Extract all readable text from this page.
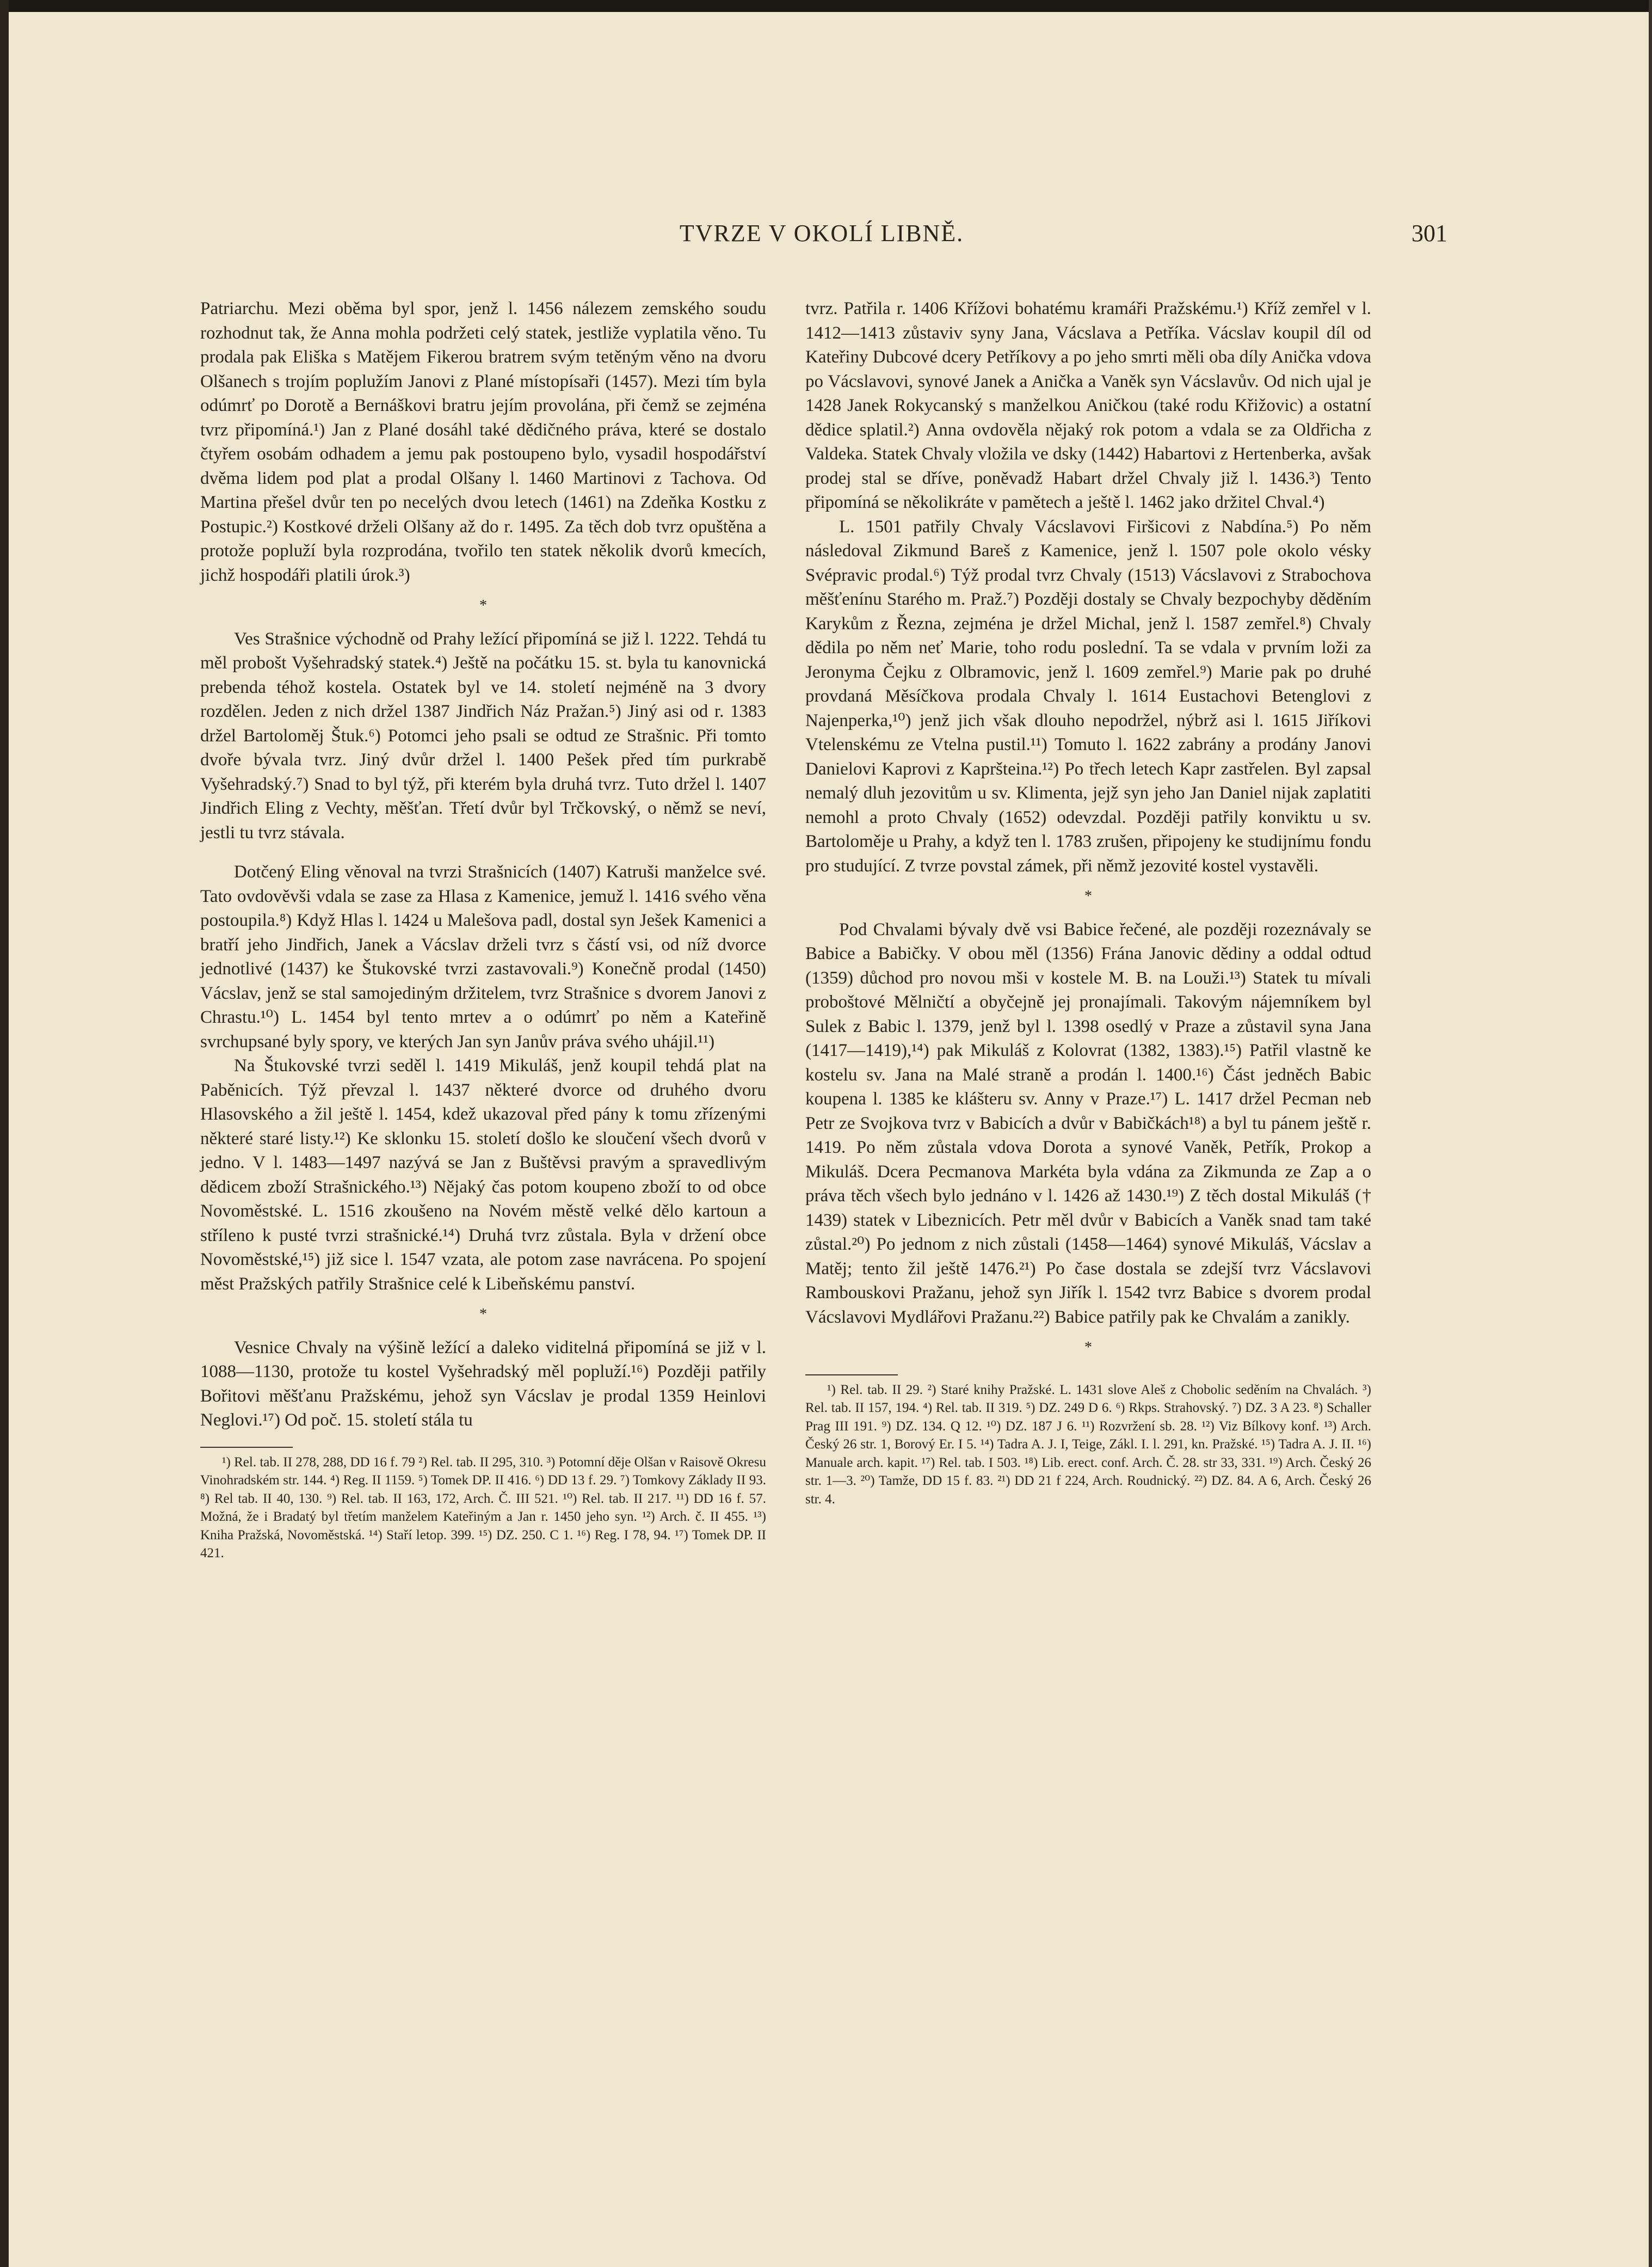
TVRZE V OKOLÍ LIBNĚ.	301

Patriarchu. Mezi oběma byl spor, jenž l. 1456 nálezem zemského soudu rozhodnut tak, že Anna mohla podržeti celý statek, jestliže vyplatila věno. Tu prodala pak Eliška s Matějem Fikerou bratrem svým tetěným věno na dvoru Olšanech s trojím poplužím Janovi z Plané místopísaři (1457). Mezi tím byla odúmrť po Dorotě a Bernáškovi bratru jejím provolána, při čemž se zejména tvrz připomíná.¹) Jan z Plané dosáhl také dědičného práva, které se dostalo čtyřem osobám odhadem a jemu pak postoupeno bylo, vysadil hospodářství dvěma lidem pod plat a prodal Olšany l. 1460 Martinovi z Tachova. Od Martina přešel dvůr ten po necelých dvou letech (1461) na Zdeňka Kostku z Postupic.²) Kostkové drželi Olšany až do r. 1495. Za těch dob tvrz opuštěna a protože popluží byla rozprodána, tvořilo ten statek několik dvorů kmecích, jichž hospodáři platili úrok.³)

*

Ves Strašnice východně od Prahy ležící připomíná se již l. 1222. Tehdá tu měl probošt Vyšehradský statek.⁴) Ještě na počátku 15. st. byla tu kanovnická prebenda téhož kostela. Ostatek byl ve 14. století nejméně na 3 dvory rozdělen. Jeden z nich držel 1387 Jindřich Náz Pražan.⁵) Jiný asi od r. 1383 držel Bartoloměj Štuk.⁶) Potomci jeho psali se odtud ze Strašnic. Při tomto dvoře bývala tvrz. Jiný dvůr držel l. 1400 Pešek před tím purkrabě Vyšehradský.⁷) Snad to byl týž, při kterém byla druhá tvrz. Tuto držel l. 1407 Jindřich Eling z Vechty, měšťan. Třetí dvůr byl Trčkovský, o němž se neví, jestli tu tvrz stávala.

Dotčený Eling věnoval na tvrzi Strašnicích (1407) Katruši manželce své. Tato ovdověvši vdala se zase za Hlasa z Kamenice, jemuž l. 1416 svého věna postoupila.⁸) Když Hlas l. 1424 u Malešova padl, dostal syn Ješek Kamenici a bratří jeho Jindřich, Janek a Vácslav drželi tvrz s částí vsi, od níž dvorce jednotlivé (1437) ke Štukovské tvrzi zastavovali.⁹) Konečně prodal (1450) Vácslav, jenž se stal samojediným držitelem, tvrz Strašnice s dvorem Janovi z Chrastu.¹⁰) L. 1454 byl tento mrtev a o odúmrť po něm a Kateřině svrchupsané byly spory, ve kterých Jan syn Janův práva svého uhájil.¹¹)

Na Štukovské tvrzi seděl l. 1419 Mikuláš, jenž koupil tehdá plat na Paběnicích. Týž převzal l. 1437 některé dvorce od druhého dvoru Hlasovského a žil ještě l. 1454, kdež ukazoval před pány k tomu zřízenými některé staré listy.¹²) Ke sklonku 15. století došlo ke sloučení všech dvorů v jedno. V l. 1483—1497 nazývá se Jan z Buštěvsi pravým a spravedlivým dědicem zboží Strašnického.¹³) Nějaký čas potom koupeno zboží to od obce Novoměstské. L. 1516 zkoušeno na Novém městě velké dělo kartoun a stříleno k pusté tvrzi strašnické.¹⁴) Druhá tvrz zůstala. Byla v držení obce Novoměstské,¹⁵) již sice l. 1547 vzata, ale potom zase navrácena. Po spojení měst Pražských patřily Strašnice celé k Libeňskému panství.

*

Vesnice Chvaly na výšině ležící a daleko viditelná připomíná se již v l. 1088—1130, protože tu kostel Vyšehradský měl popluží.¹⁶) Později patřily Bořitovi měšťanu Pražskému, jehož syn Vácslav je prodal 1359 Heinlovi Neglovi.¹⁷) Od poč. 15. století stála tu

¹) Rel. tab. II 278, 288, DD 16 f. 79 ²) Rel. tab. II 295, 310. ³) Potomní děje Olšan v Raisově Okresu Vinohradském str. 144. ⁴) Reg. II 1159. ⁵) Tomek DP. II 416. ⁶) DD 13 f. 29. ⁷) Tomkovy Základy II 93. ⁸) Rel tab. II 40, 130. ⁹) Rel. tab. II 163, 172, Arch. Č. III 521. ¹⁰) Rel. tab. II 217. ¹¹) DD 16 f. 57. Možná, že i Bradatý byl třetím manželem Kateřiným a Jan r. 1450 jeho syn. ¹²) Arch. č. II 455. ¹³) Kniha Pražská, Novoměstská. ¹⁴) Staří letop. 399. ¹⁵) DZ. 250. C 1. ¹⁶) Reg. I 78, 94. ¹⁷) Tomek DP. II 421.

tvrz. Patřila r. 1406 Křížovi bohatému kramáři Pražskému.¹) Kříž zemřel v l. 1412—1413 zůstaviv syny Jana, Vácslava a Petříka. Vácslav koupil díl od Kateřiny Dubcové dcery Petříkovy a po jeho smrti měli oba díly Anička vdova po Vácslavovi, synové Janek a Anička a Vaněk syn Vácslavův. Od nich ujal je 1428 Janek Rokycanský s manželkou Aničkou (také rodu Křižovic) a ostatní dědice splatil.²) Anna ovdověla nějaký rok potom a vdala se za Oldřicha z Valdeka. Statek Chvaly vložila ve dsky (1442) Habartovi z Hertenberka, avšak prodej stal se dříve, poněvadž Habart držel Chvaly již l. 1436.³) Tento připomíná se několikráte v pamětech a ještě l. 1462 jako držitel Chval.⁴)

L. 1501 patřily Chvaly Vácslavovi Firšicovi z Nabdína.⁵) Po něm následoval Zikmund Bareš z Kamenice, jenž l. 1507 pole okolo vésky Svépravic prodal.⁶) Týž prodal tvrz Chvaly (1513) Vácslavovi z Strabochova měšťenínu Starého m. Praž.⁷) Později dostaly se Chvaly bezpochyby děděním Karykům z Řezna, zejména je držel Michal, jenž l. 1587 zemřel.⁸) Chvaly dědila po něm neť Marie, toho rodu poslední. Ta se vdala v prvním loži za Jeronyma Čejku z Olbramovic, jenž l. 1609 zemřel.⁹) Marie pak po druhé provdaná Měsíčkova prodala Chvaly l. 1614 Eustachovi Betenglovi z Najenperka,¹⁰) jenž jich však dlouho nepodržel, nýbrž asi l. 1615 Jiříkovi Vtelenskému ze Vtelna pustil.¹¹) Tomuto l. 1622 zabrány a prodány Janovi Danielovi Kaprovi z Kapršteina.¹²) Po třech letech Kapr zastřelen. Byl zapsal nemalý dluh jezovitům u sv. Klimenta, jejž syn jeho Jan Daniel nijak zaplatiti nemohl a proto Chvaly (1652) odevzdal. Později patřily konviktu u sv. Bartoloměje u Prahy, a když ten l. 1783 zrušen, připojeny ke studijnímu fondu pro studující. Z tvrze povstal zámek, při němž jezovité kostel vystavěli.

*

Pod Chvalami bývaly dvě vsi Babice řečené, ale později rozeznávaly se Babice a Babičky. V obou měl (1356) Frána Janovic dědiny a oddal odtud (1359) důchod pro novou mši v kostele M. B. na Louži.¹³) Statek tu mívali proboštové Mělničtí a obyčejně jej pronajímali. Takovým nájemníkem byl Sulek z Babic l. 1379, jenž byl l. 1398 osedlý v Praze a zůstavil syna Jana (1417—1419),¹⁴) pak Mikuláš z Kolovrat (1382, 1383).¹⁵) Patřil vlastně ke kostelu sv. Jana na Malé straně a prodán l. 1400.¹⁶) Část jedněch Babic koupena l. 1385 ke klášteru sv. Anny v Praze.¹⁷) L. 1417 držel Pecman neb Petr ze Svojkova tvrz v Babicích a dvůr v Babičkách¹⁸) a byl tu pánem ještě r. 1419. Po něm zůstala vdova Dorota a synové Vaněk, Petřík, Prokop a Mikuláš. Dcera Pecmanova Markéta byla vdána za Zikmunda ze Zap a o práva těch všech bylo jednáno v l. 1426 až 1430.¹⁹) Z těch dostal Mikuláš († 1439) statek v Libeznicích. Petr měl dvůr v Babicích a Vaněk snad tam také zůstal.²⁰) Po jednom z nich zůstali (1458—1464) synové Mikuláš, Vácslav a Matěj; tento žil ještě 1476.²¹) Po čase dostala se zdejší tvrz Vácslavovi Rambouskovi Pražanu, jehož syn Jiřík l. 1542 tvrz Babice s dvorem prodal Vácslavovi Mydlářovi Pražanu.²²) Babice patřily pak ke Chvalám a zanikly.

*
¹) Rel. tab. II 29. ²) Staré knihy Pražské. L. 1431 slove Aleš z Chobolic seděním na Chvalách. ³) Rel. tab. II 157, 194. ⁴) Rel. tab. II 319. ⁵) DZ. 249 D 6. ⁶) Rkps. Strahovský. ⁷) DZ. 3 A 23. ⁸) Schaller Prag III 191. ⁹) DZ. 134. Q 12. ¹⁰) DZ. 187 J 6. ¹¹) Rozvržení sb. 28. ¹²) Viz Bílkovy konf. ¹³) Arch. Český 26 str. 1, Borový Er. I 5. ¹⁴) Tadra A. J. I, Teige, Zákl. I. l. 291, kn. Pražské. ¹⁵) Tadra A. J. II. ¹⁶) Manuale arch. kapit. ¹⁷) Rel. tab. I 503. ¹⁸) Lib. erect. conf. Arch. Č. 28. str 33, 331. ¹⁹) Arch. Český 26 str. 1—3. ²⁰) Tamže, DD 15 f. 83. ²¹) DD 21 f 224, Arch. Roudnický. ²²) DZ. 84. A 6, Arch. Český 26 str. 4.
